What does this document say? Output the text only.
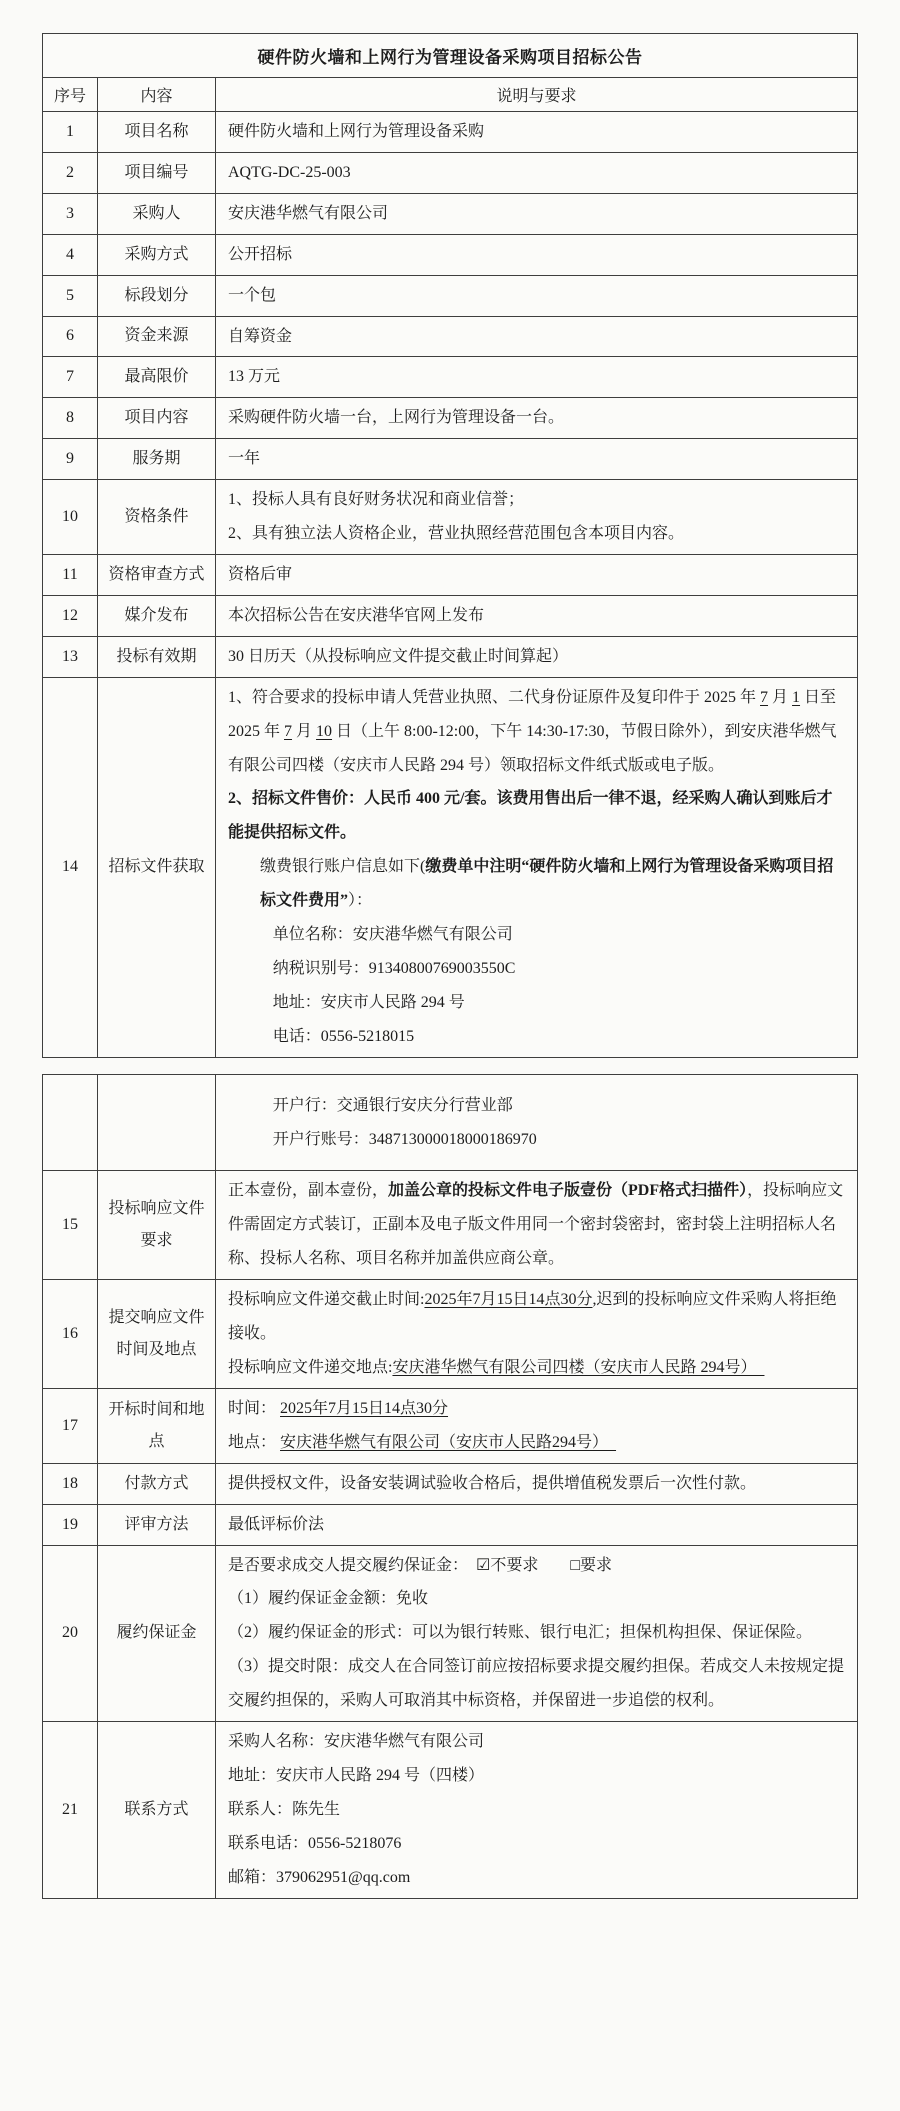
硬件防火墙和上网行为管理设备采购项目招标公告		
序号	内容	说明与要求
1	项目名称	硬件防火墙和上网行为管理设备采购

2	项目编号	AQTG-DC-25-003

3	采购人	安庆港华燃气有限公司

4	采购方式	公开招标

5	标段划分	一个包

6	资金来源	自筹资金

7	最高限价	13 万元

8	项目内容	采购硬件防火墙一台，上网行为管理设备一台。

9	服务期	一年

10	资格条件	1、投标人具有良好财务状况和商业信誉；
2、具有独立法人资格企业，营业执照经营范围包含本项目内容。

11	资格审查方式	资格后审

12	媒介发布	本次招标公告在安庆港华官网上发布

13	投标有效期	30 日历天（从投标响应文件提交截止时间算起）

14	招标文件获取	
1、符合要求的投标申请人凭营业执照、二代身份证原件及复印件于 2025 年 7 月 1 日至 2025 年 7 月 10 日（上午 8:00-12:00，下午 14:30-17:30，节假日除外），到安庆港华燃气有限公司四楼（安庆市人民路 294 号）领取招标文件纸式版或电子版。
2、招标文件售价：人民币 400 元/套。该费用售出后一律不退，经采购人确认到账后才能提供招标文件。
缴费银行账户信息如下(缴费单中注明“硬件防火墙和上网行为管理设备采购项目招标文件费用”）：
单位名称：安庆港华燃气有限公司
纳税识别号：91340800769003550C
地址：安庆市人民路 294 号
电话：0556-5218015

		开户行：交通银行安庆分行营业部
开户行账号：348713000018000186970

15	投标响应文件要求	正本壹份，副本壹份，加盖公章的投标文件电子版壹份（PDF格式扫描件），投标响应文件需固定方式装订，正副本及电子版文件用同一个密封袋密封，密封袋上注明招标人名称、投标人名称、项目名称并加盖供应商公章。

16	提交响应文件时间及地点	投标响应文件递交截止时间:2025年7月15日14点30分,迟到的投标响应文件采购人将拒绝接收。
投标响应文件递交地点:安庆港华燃气有限公司四楼（安庆市人民路 294号）　

17	开标时间和地点	时间： 2025年7月15日14点30分
地点： 安庆港华燃气有限公司（安庆市人民路294号）　

18	付款方式	提供授权文件，设备安装调试验收合格后，提供增值税发票后一次性付款。

19	评审方法	最低评标价法

20	履约保证金	是否要求成交人提交履约保证金：　☑不要求　　□要求
（1）履约保证金金额：免收
（2）履约保证金的形式：可以为银行转账、银行电汇；担保机构担保、保证保险。
（3）提交时限：成交人在合同签订前应按招标要求提交履约担保。若成交人未按规定提交履约担保的，采购人可取消其中标资格，并保留进一步追偿的权利。

21	联系方式	采购人名称：安庆港华燃气有限公司
地址：安庆市人民路 294 号（四楼）
联系人：陈先生
联系电话：0556-5218076
邮箱：379062951@qq.com
